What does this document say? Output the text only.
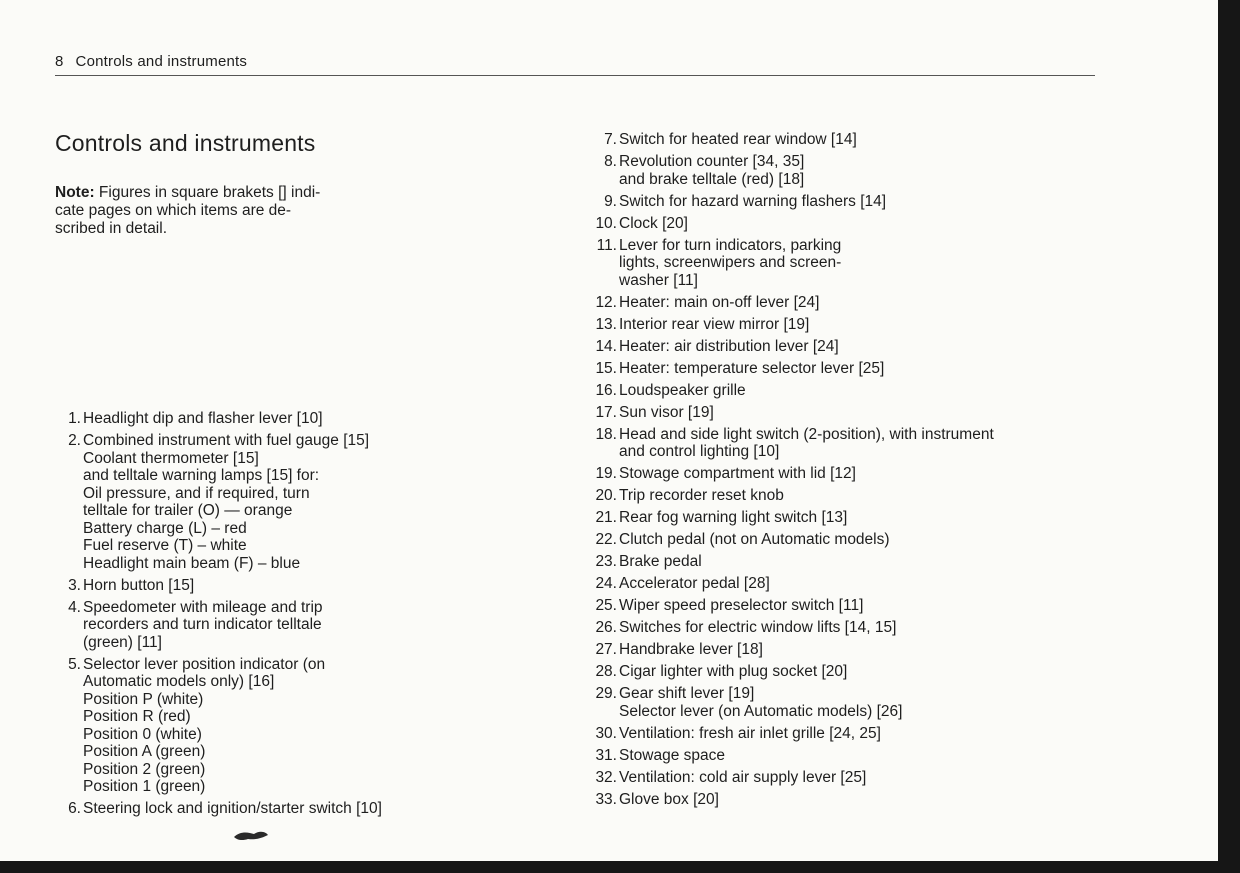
8 Controls and instruments
Controls and instruments
Note: Figures in square brakets [] indi-
cate pages on which items are de-
scribed in detail.
1. Headlight dip and flasher lever [10]
2. Combined instrument with fuel gauge [15]
Coolant thermometer [15]
and telltale warning lamps [15] for:
Oil pressure, and if required, turn
telltale for trailer (O) — orange
Battery charge (L) – red
Fuel reserve (T) – white
Headlight main beam (F) – blue
3. Horn button [15]
4. Speedometer with mileage and trip
recorders and turn indicator telltale
(green) [11]
5. Selector lever position indicator (on
Automatic models only) [16]
Position P (white)
Position R (red)
Position 0 (white)
Position A (green)
Position 2 (green)
Position 1 (green)
6. Steering lock and ignition/starter switch [10]
7. Switch for heated rear window [14]
8. Revolution counter [34, 35]
and brake telltale (red) [18]
9. Switch for hazard warning flashers [14]
10. Clock [20]
11. Lever for turn indicators, parking
lights, screenwipers and screen-
washer [11]
12. Heater: main on-off lever [24]
13. Interior rear view mirror [19]
14. Heater: air distribution lever [24]
15. Heater: temperature selector lever [25]
16. Loudspeaker grille
17. Sun visor [19]
18. Head and side light switch (2-position), with instrument
and control lighting [10]
19. Stowage compartment with lid [12]
20. Trip recorder reset knob
21. Rear fog warning light switch [13]
22. Clutch pedal (not on Automatic models)
23. Brake pedal
24. Accelerator pedal [28]
25. Wiper speed preselector switch [11]
26. Switches for electric window lifts [14, 15]
27. Handbrake lever [18]
28. Cigar lighter with plug socket [20]
29. Gear shift lever [19]
Selector lever (on Automatic models) [26]
30. Ventilation: fresh air inlet grille [24, 25]
31. Stowage space
32. Ventilation: cold air supply lever [25]
33. Glove box [20]
